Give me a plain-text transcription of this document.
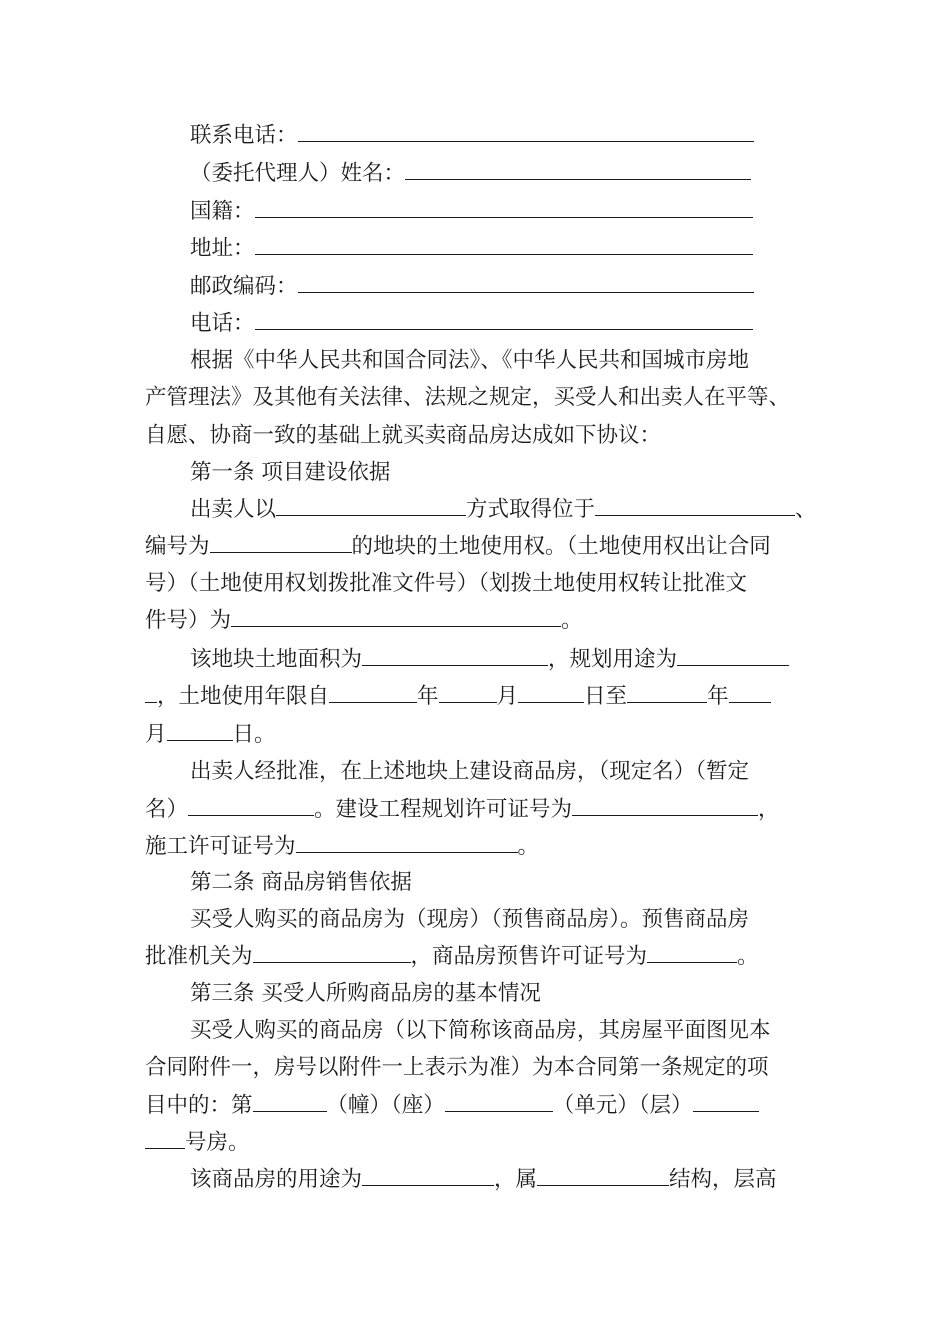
联系电话：
（委托代理人）姓名：
国籍：
地址：
邮政编码：
电话：
根据《中华人民共和国合同法》、《中华人民共和国城市房地
产管理法》及其他有关法律、法规之规定，买受人和出卖人在平等、
自愿、协商一致的基础上就买卖商品房达成如下协议：
第一条 项目建设依据
出卖人以	方式取得位于	、
编号为	的地块的土地使用权。（土地使用权出让合同
号）（土地使用权划拨批准文件号）（划拨土地使用权转让批准文
件号）为	。
该地块土地面积为	，规划用途为
，土地使用年限自	年	月	日至	年
月	日。
出卖人经批准，在上述地块上建设商品房，（现定名）（暂定
名）	。建设工程规划许可证号为	，
施工许可证号为	。
第二条 商品房销售依据
买受人购买的商品房为（现房）（预售商品房）。预售商品房
批准机关为	，商品房预售许可证号为	。
第三条 买受人所购商品房的基本情况
买受人购买的商品房（以下简称该商品房，其房屋平面图见本
合同附件一，房号以附件一上表示为准）为本合同第一条规定的项
目中的：第	（幢）（座）	（单元）（层）
号房。
该商品房的用途为	，属	结构，层高
